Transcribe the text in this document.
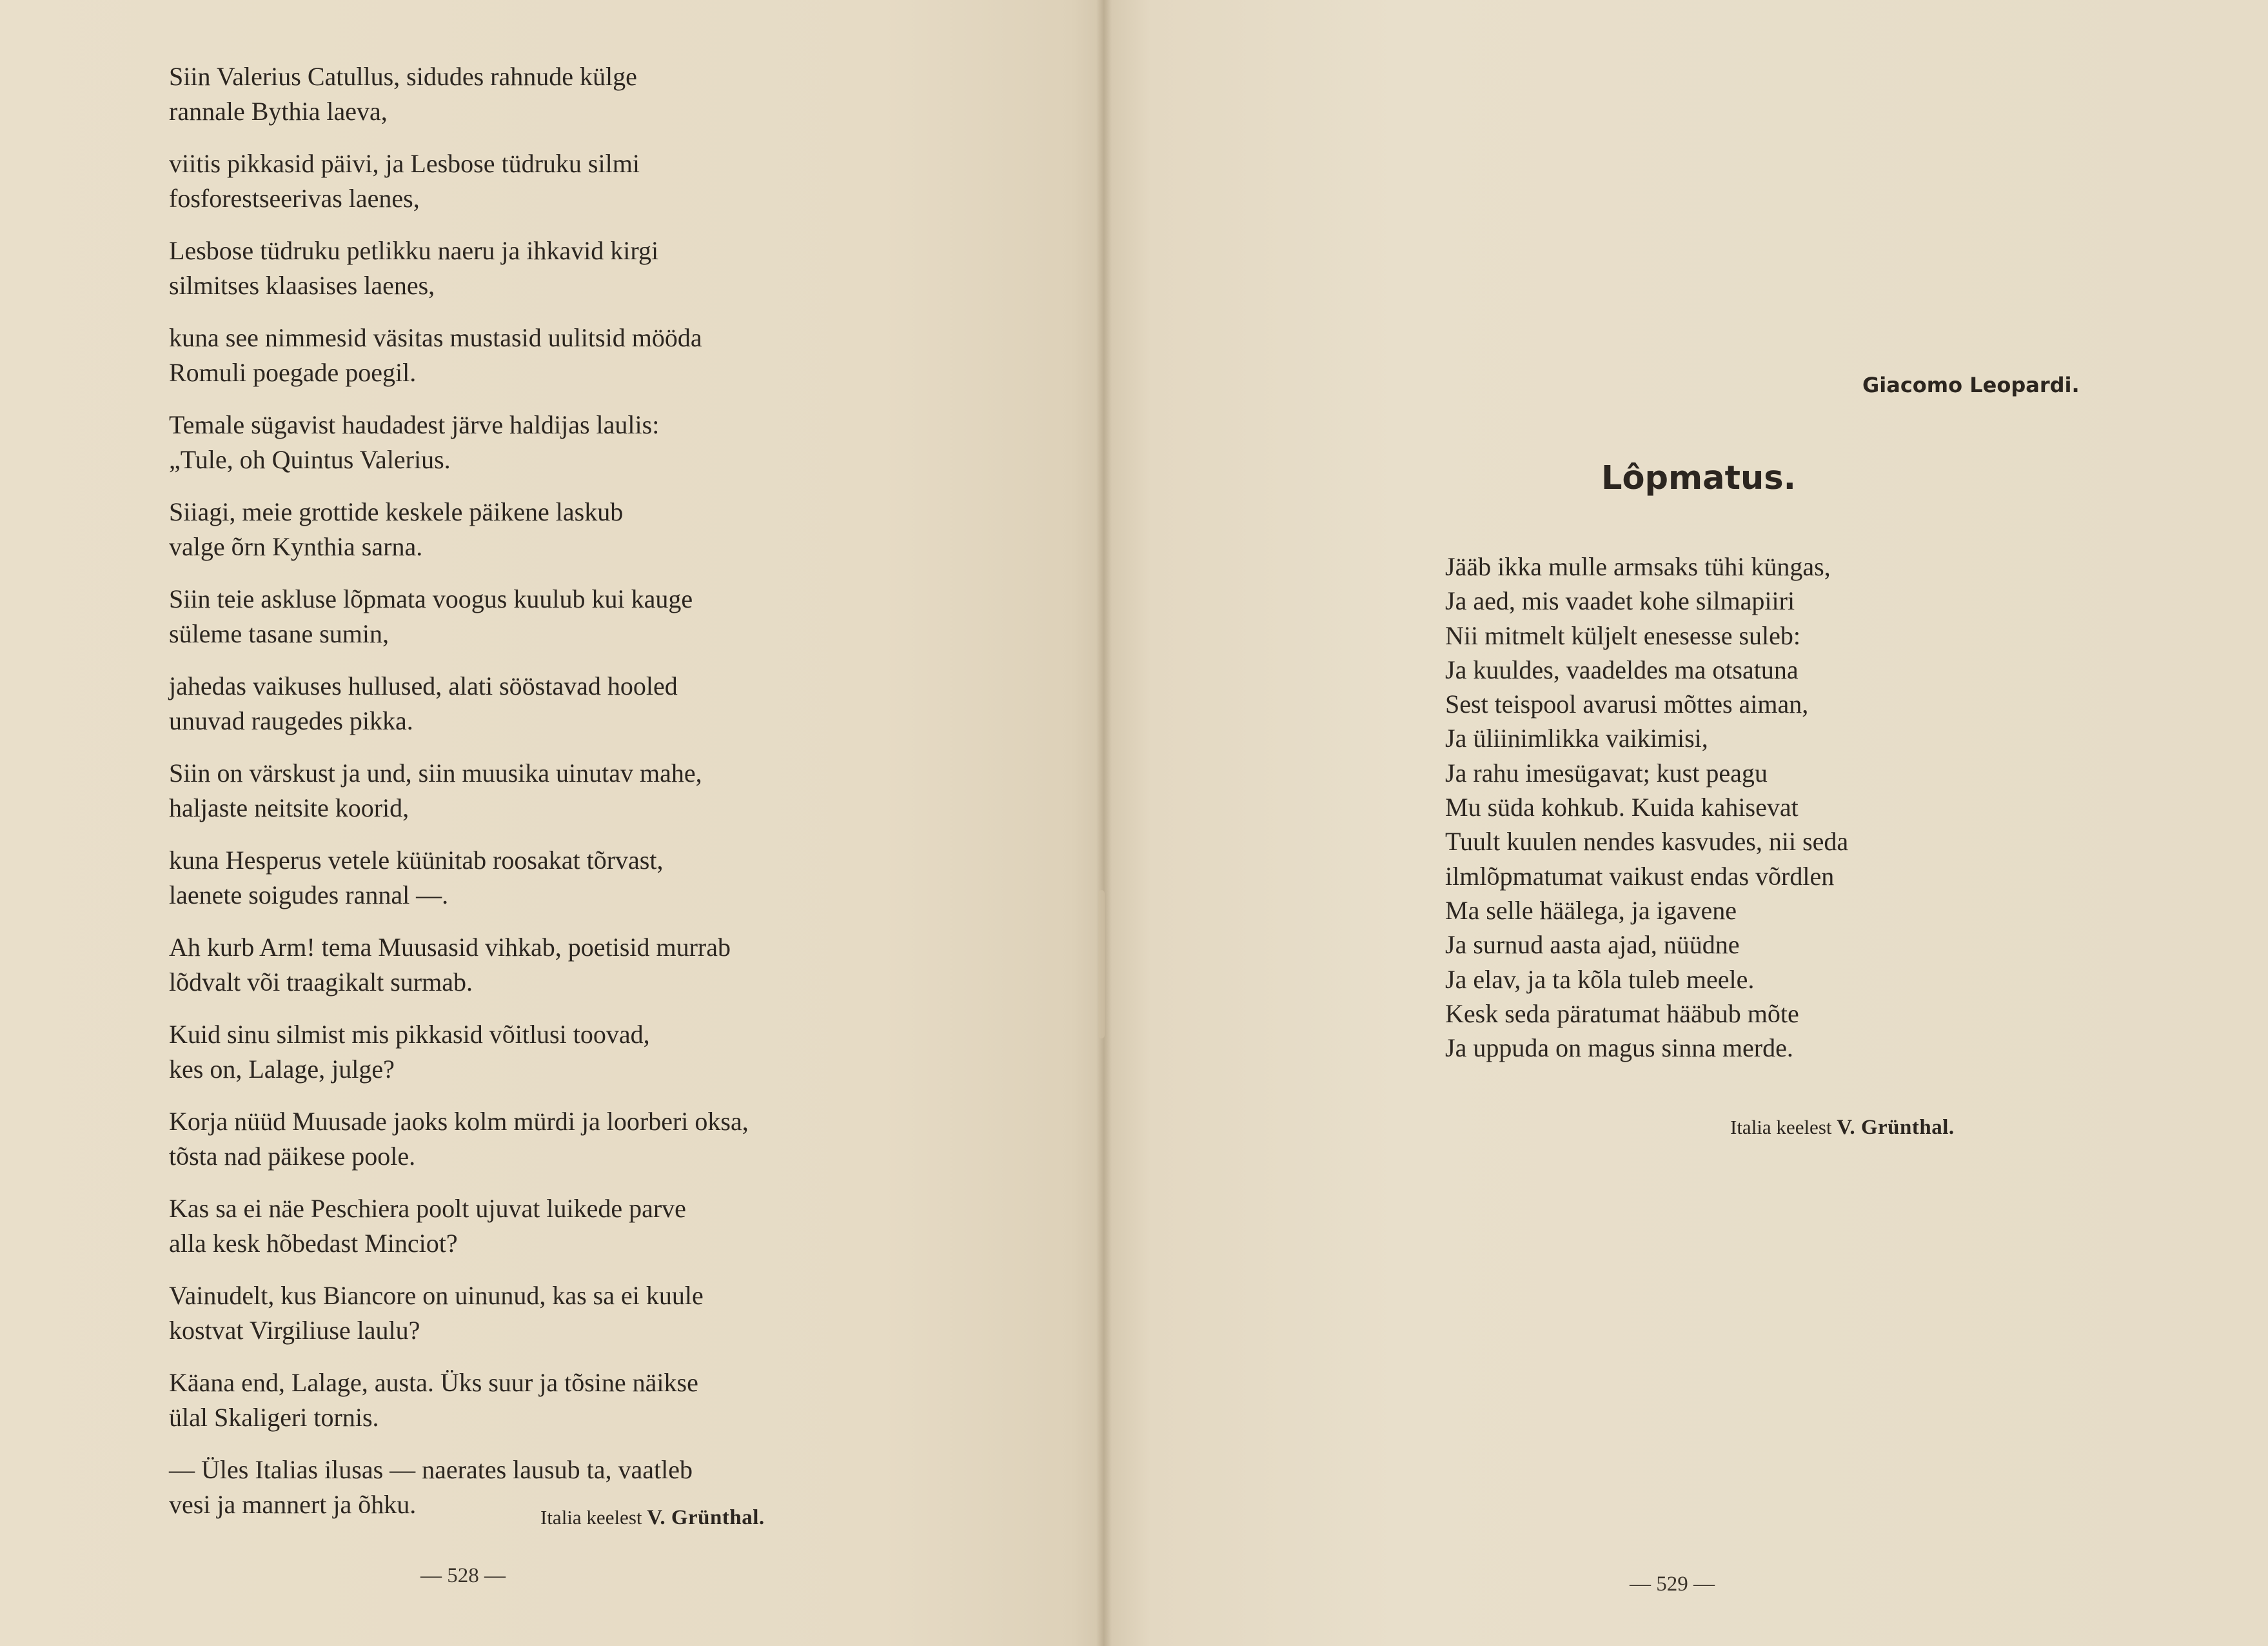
Siin Valerius Catullus, sidudes rahnude külge
rannale Bythia laeva,
viitis pikkasid päivi, ja Lesbose tüdruku silmi
fosforestseerivas laenes,
Lesbose tüdruku petlikku naeru ja ihkavid kirgi
silmitses klaasises laenes,
kuna see nimmesid väsitas mustasid uulitsid mööda
Romuli poegade poegil.
Temale sügavist haudadest järve haldijas laulis:
„Tule, oh Quintus Valerius.
Siiagi, meie grottide keskele päikene laskub
valge õrn Kynthia sarna.
Siin teie askluse lõpmata voogus kuulub kui kauge
süleme tasane sumin,
jahedas vaikuses hullused, alati sööstavad hooled
unuvad raugedes pikka.
Siin on värskust ja und, siin muusika uinutav mahe,
haljaste neitsite koorid,
kuna Hesperus vetele küünitab roosakat tõrvast,
laenete soigudes rannal —.
Ah kurb Arm! tema Muusasid vihkab, poetisid murrab
lõdvalt või traagikalt surmab.
Kuid sinu silmist mis pikkasid võitlusi toovad,
kes on, Lalage, julge?
Korja nüüd Muusade jaoks kolm mürdi ja loorberi oksa,
tõsta nad päikese poole.
Kas sa ei näe Peschiera poolt ujuvat luikede parve
alla kesk hõbedast Minciot?
Vainudelt, kus Biancore on uinunud, kas sa ei kuule
kostvat Virgiliuse laulu?
Käana end, Lalage, austa. Üks suur ja tõsine näikse
ülal Skaligeri tornis.
— Üles Italias ilusas — naerates lausub ta, vaatleb
vesi ja mannert ja õhku.	Italia keelest V. Grünthal.
— 528 —
Giacomo Leopardi.
Lôpmatus.
Jääb ikka mulle armsaks tühi küngas,
Ja aed, mis vaadet kohe silmapiiri
Nii mitmelt küljelt enesesse suleb:
Ja kuuldes, vaadeldes ma otsatuna
Sest teispool avarusi mõttes aiman,
Ja üliinimlikka vaikimisi,
Ja rahu imesügavat; kust peagu
Mu süda kohkub. Kuida kahisevat
Tuult kuulen nendes kasvudes, nii seda
ilmlõpmatumat vaikust endas võrdlen
Ma selle häälega, ja igavene
Ja surnud aasta ajad, nüüdne
Ja elav, ja ta kõla tuleb meele.
Kesk seda päratumat hääbub mõte
Ja uppuda on magus sinna merde.
Italia keelest V. Grünthal.
— 529 —
